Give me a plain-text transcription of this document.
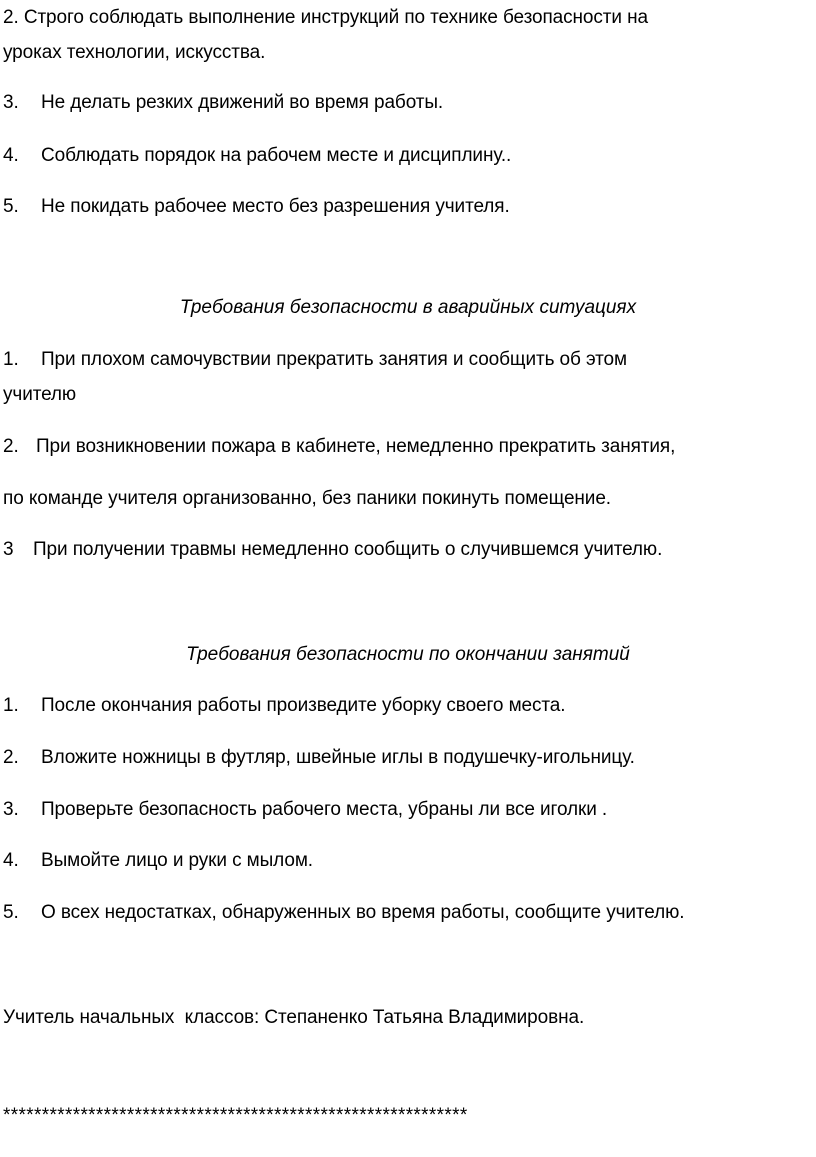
2. Строго соблюдать выполнение инструкций по технике безопасности на
уроках технологии, искусства.
3. Не делать резких движений во время работы.
4. Соблюдать порядок на рабочем месте и дисциплину..
5. Не покидать рабочее место без разрешения учителя.
Требования безопасности в аварийных ситуациях
1. При плохом самочувствии прекратить занятия и сообщить об этом
учителю
2. При возникновении пожара в кабинете, немедленно прекратить занятия,
по команде учителя организованно, без паники покинуть помещение.
3 При получении травмы немедленно сообщить о случившемся учителю.
Требования безопасности по окончании занятий
1. После окончания работы произведите уборку своего места.
2. Вложите ножницы в футляр, швейные иглы в подушечку-игольницу.
3. Проверьте безопасность рабочего места, убраны ли все иголки .
4. Вымойте лицо и руки с мылом.
5. О всех недостатках, обнаруженных во время работы, сообщите учителю.
Учитель начальных  классов: Степаненко Татьяна Владимировна.
************************************************************
